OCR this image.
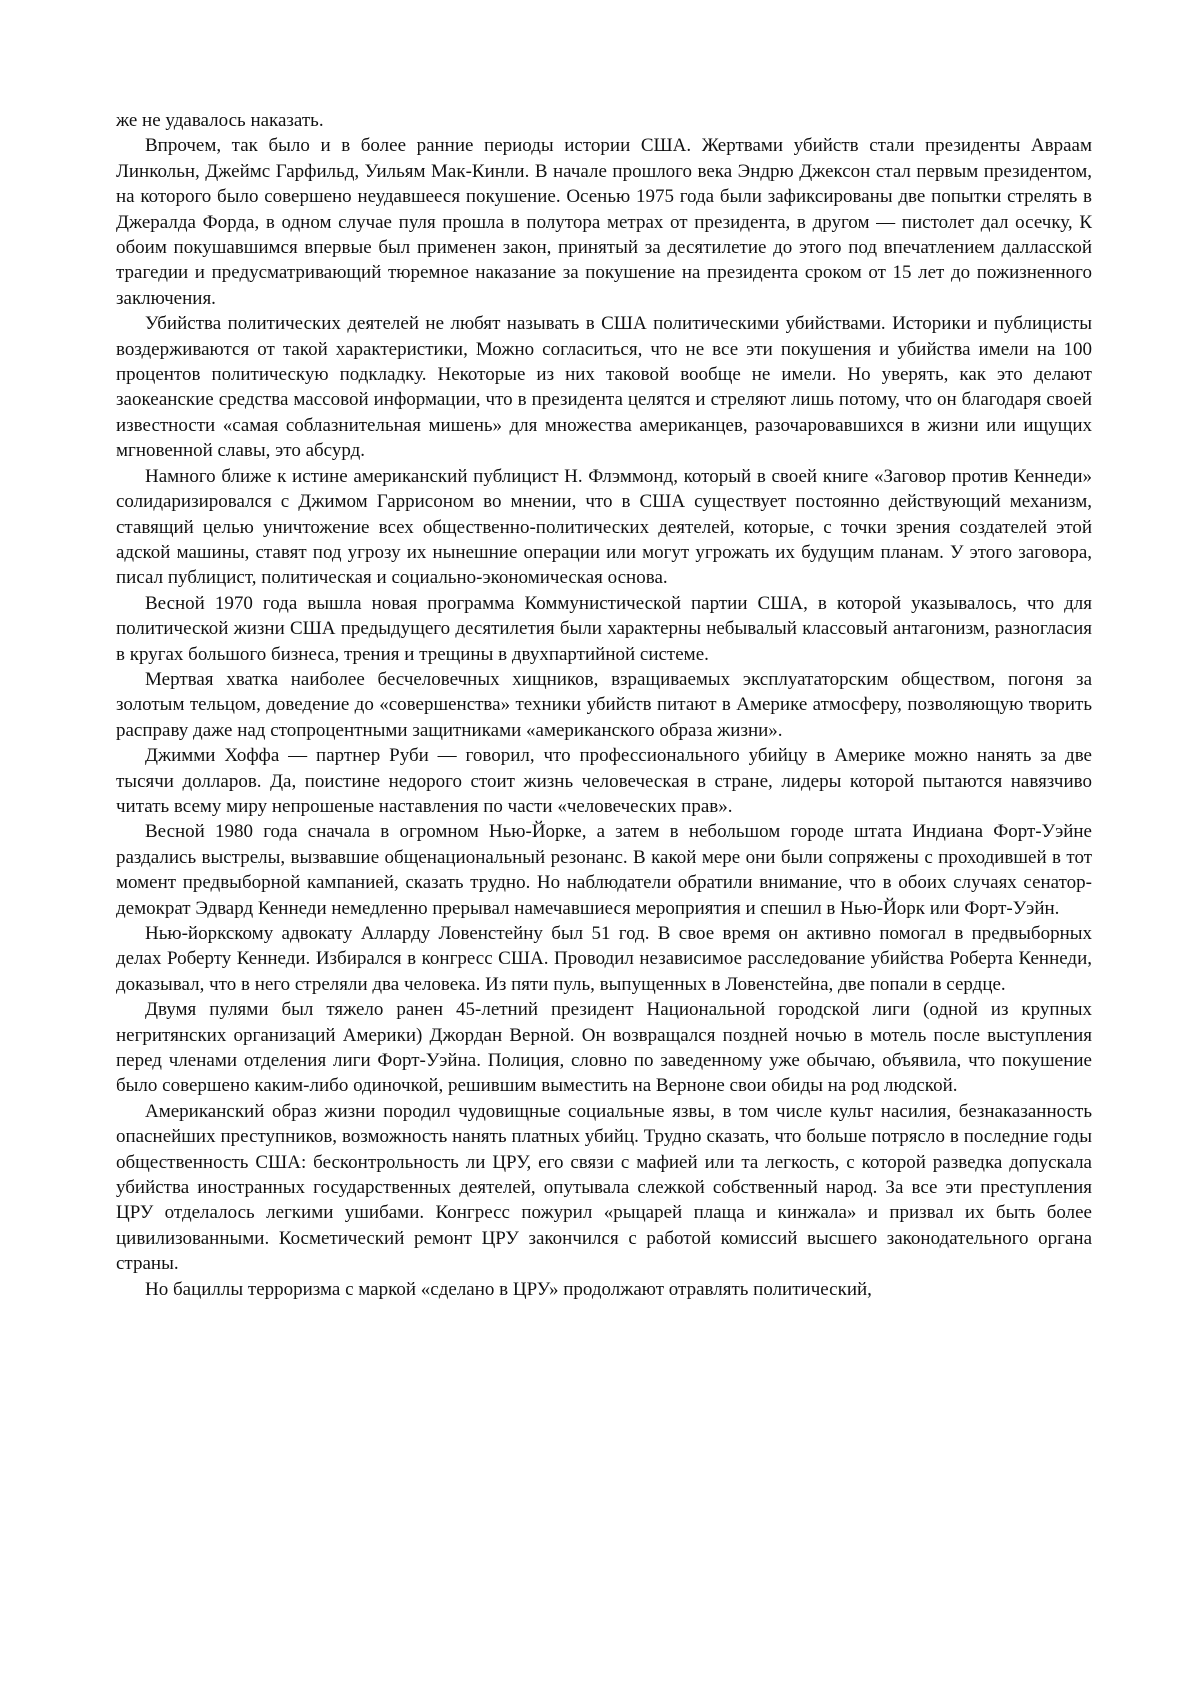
же не удавалось наказать.

Впрочем, так было и в более ранние периоды истории США. Жертвами убийств стали президенты Авраам Линкольн, Джеймс Гарфильд, Уильям Мак-Кинли. В начале прошлого века Эндрю Джексон стал первым президентом, на которого было совершено неудавшееся покушение. Осенью 1975 года были зафиксированы две попытки стрелять в Джералда Форда, в одном случае пуля прошла в полутора метрах от президента, в другом — пистолет дал осечку, К обоим покушавшимся впервые был применен закон, принятый за десятилетие до этого под впечатлением далласской трагедии и предусматривающий тюремное наказание за покушение на президента сроком от 15 лет до пожизненного заключения.

Убийства политических деятелей не любят называть в США политическими убийствами. Историки и публицисты воздерживаются от такой характеристики, Можно согласиться, что не все эти покушения и убийства имели на 100 процентов политическую подкладку. Некоторые из них таковой вообще не имели. Но уверять, как это делают заокеанские средства массовой информации, что в президента целятся и стреляют лишь потому, что он благодаря своей известности «самая соблазнительная мишень» для множества американцев, разочаровавшихся в жизни или ищущих мгновенной славы, это абсурд.

Намного ближе к истине американский публицист Н. Флэммонд, который в своей книге «Заговор против Кеннеди» солидаризировался с Джимом Гаррисоном во мнении, что в США существует постоянно действующий механизм, ставящий целью уничтожение всех общественно-политических деятелей, которые, с точки зрения создателей этой адской машины, ставят под угрозу их нынешние операции или могут угрожать их будущим планам. У этого заговора, писал публицист, политическая и социально-экономическая основа.

Весной 1970 года вышла новая программа Коммунистической партии США, в которой указывалось, что для политической жизни США предыдущего десятилетия были характерны небывалый классовый антагонизм, разногласия в кругах большого бизнеса, трения и трещины в двухпартийной системе.

Мертвая хватка наиболее бесчеловечных хищников, взращиваемых эксплуататорским обществом, погоня за золотым тельцом, доведение до «совершенства» техники убийств питают в Америке атмосферу, позволяющую творить расправу даже над стопроцентными защитниками «американского образа жизни».

Джимми Хоффа — партнер Руби — говорил, что профессионального убийцу в Америке можно нанять за две тысячи долларов. Да, поистине недорого стоит жизнь человеческая в стране, лидеры которой пытаются навязчиво читать всему миру непрошеные наставления по части «человеческих прав».

Весной 1980 года сначала в огромном Нью-Йорке, а затем в небольшом городе штата Индиана Форт-Уэйне раздались выстрелы, вызвавшие общенациональный резонанс. В какой мере они были сопряжены с проходившей в тот момент предвыборной кампанией, сказать трудно. Но наблюдатели обратили внимание, что в обоих случаях сенатор-демократ Эдвард Кеннеди немедленно прерывал намечавшиеся мероприятия и спешил в Нью-Йорк или Форт-Уэйн.

Нью-йоркскому адвокату Алларду Ловенстейну был 51 год. В свое время он активно помогал в предвыборных делах Роберту Кеннеди. Избирался в конгресс США. Проводил независимое расследование убийства Роберта Кеннеди, доказывал, что в него стреляли два человека. Из пяти пуль, выпущенных в Ловенстейна, две попали в сердце.

Двумя пулями был тяжело ранен 45-летний президент Национальной городской лиги (одной из крупных негритянских организаций Америки) Джордан Верной. Он возвращался поздней ночью в мотель после выступления перед членами отделения лиги Форт-Уэйна. Полиция, словно по заведенному уже обычаю, объявила, что покушение было совершено каким-либо одиночкой, решившим выместить на Верноне свои обиды на род людской.

Американский образ жизни породил чудовищные социальные язвы, в том числе культ насилия, безнаказанность опаснейших преступников, возможность нанять платных убийц. Трудно сказать, что больше потрясло в последние годы общественность США: бесконтрольность ли ЦРУ, его связи с мафией или та легкость, с которой разведка допускала убийства иностранных государственных деятелей, опутывала слежкой собственный народ. За все эти преступления ЦРУ отделалось легкими ушибами. Конгресс пожурил «рыцарей плаща и кинжала» и призвал их быть более цивилизованными. Косметический ремонт ЦРУ закончился с работой комиссий высшего законодательного органа страны.

Но бациллы терроризма с маркой «сделано в ЦРУ» продолжают отравлять политический,
